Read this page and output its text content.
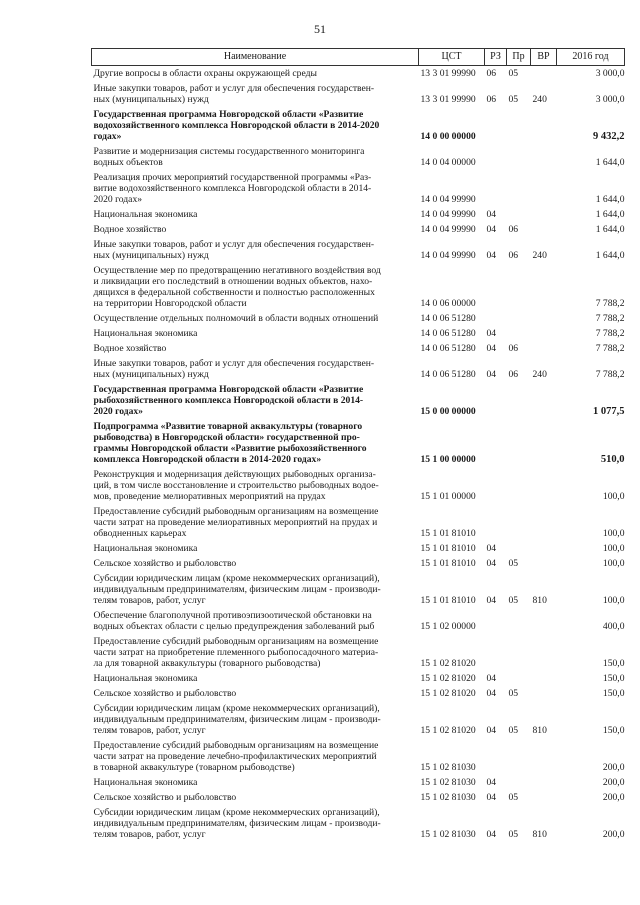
51
Наименование	ЦСТ	РЗ	Пр	ВР	2016 год
Другие вопросы в области охраны окружающей среды	13 3 01 99990	06	05		3 000,0
Иные закупки товаров, работ и услуг для обеспечения государствен-
ных (муниципальных) нужд	13 3 01 99990	06	05	240	3 000,0
Государственная программа Новгородской области «Развитие
водохозяйственного комплекса Новгородской области в 2014-2020
годах»	14 0 00 00000				9 432,2
Развитие и модернизация системы государственного мониторинга
водных объектов	14 0 04 00000				1 644,0
Реализация прочих мероприятий государственной программы «Раз-
витие водохозяйственного комплекса Новгородской области в 2014-
2020 годах»	14 0 04 99990				1 644,0
Национальная экономика	14 0 04 99990	04			1 644,0
Водное хозяйство	14 0 04 99990	04	06		1 644,0
Иные закупки товаров, работ и услуг для обеспечения государствен-
ных (муниципальных) нужд	14 0 04 99990	04	06	240	1 644,0
Осуществление мер по предотвращению негативного воздействия вод
и ликвидации его последствий в отношении водных объектов, нахо-
дящихся в федеральной собственности и полностью расположенных
на территории Новгородской области	14 0 06 00000				7 788,2
Осуществление отдельных полномочий в области водных отношений	14 0 06 51280				7 788,2
Национальная экономика	14 0 06 51280	04			7 788,2
Водное хозяйство	14 0 06 51280	04	06		7 788,2
Иные закупки товаров, работ и услуг для обеспечения государствен-
ных (муниципальных) нужд	14 0 06 51280	04	06	240	7 788,2
Государственная программа Новгородской области «Развитие
рыбохозяйственного комплекса Новгородской области в 2014-
2020 годах»	15 0 00 00000				1 077,5
Подпрограмма «Развитие товарной аквакультуры (товарного
рыбоводства) в Новгородской области» государственной про-
граммы Новгородской области «Развитие рыбохозяйственного
комплекса Новгородской области в 2014-2020 годах»	15 1 00 00000				510,0
Реконструкция и модернизация действующих рыбоводных организа-
ций, в том числе восстановление и строительство рыбоводных водое-
мов, проведение мелиоративных мероприятий на прудах	15 1 01 00000				100,0
Предоставление субсидий рыбоводным организациям на возмещение
части затрат на проведение мелиоративных мероприятий на прудах и
обводненных карьерах	15 1 01 81010				100,0
Национальная экономика	15 1 01 81010	04			100,0
Сельское хозяйство и рыболовство	15 1 01 81010	04	05		100,0
Субсидии юридическим лицам (кроме некоммерческих организаций),
индивидуальным предпринимателям, физическим лицам - производи-
телям товаров, работ, услуг	15 1 01 81010	04	05	810	100,0
Обеспечение благополучной противоэпизоотической обстановки на
водных объектах области с целью предупреждения заболеваний рыб	15 1 02 00000				400,0
Предоставление субсидий рыбоводным организациям на возмещение
части затрат на приобретение племенного рыбопосадочного материа-
ла для товарной аквакультуры (товарного рыбоводства)	15 1 02 81020				150,0
Национальная экономика	15 1 02 81020	04			150,0
Сельское хозяйство и рыболовство	15 1 02 81020	04	05		150,0
Субсидии юридическим лицам (кроме некоммерческих организаций),
индивидуальным предпринимателям, физическим лицам - производи-
телям товаров, работ, услуг	15 1 02 81020	04	05	810	150,0
Предоставление субсидий рыбоводным организациям на возмещение
части затрат на проведение лечебно-профилактических мероприятий
в товарной аквакультуре (товарном рыбоводстве)	15 1 02 81030				200,0
Национальная экономика	15 1 02 81030	04			200,0
Сельское хозяйство и рыболовство	15 1 02 81030	04	05		200,0
Субсидии юридическим лицам (кроме некоммерческих организаций),
индивидуальным предпринимателям, физическим лицам - производи-
телям товаров, работ, услуг	15 1 02 81030	04	05	810	200,0
